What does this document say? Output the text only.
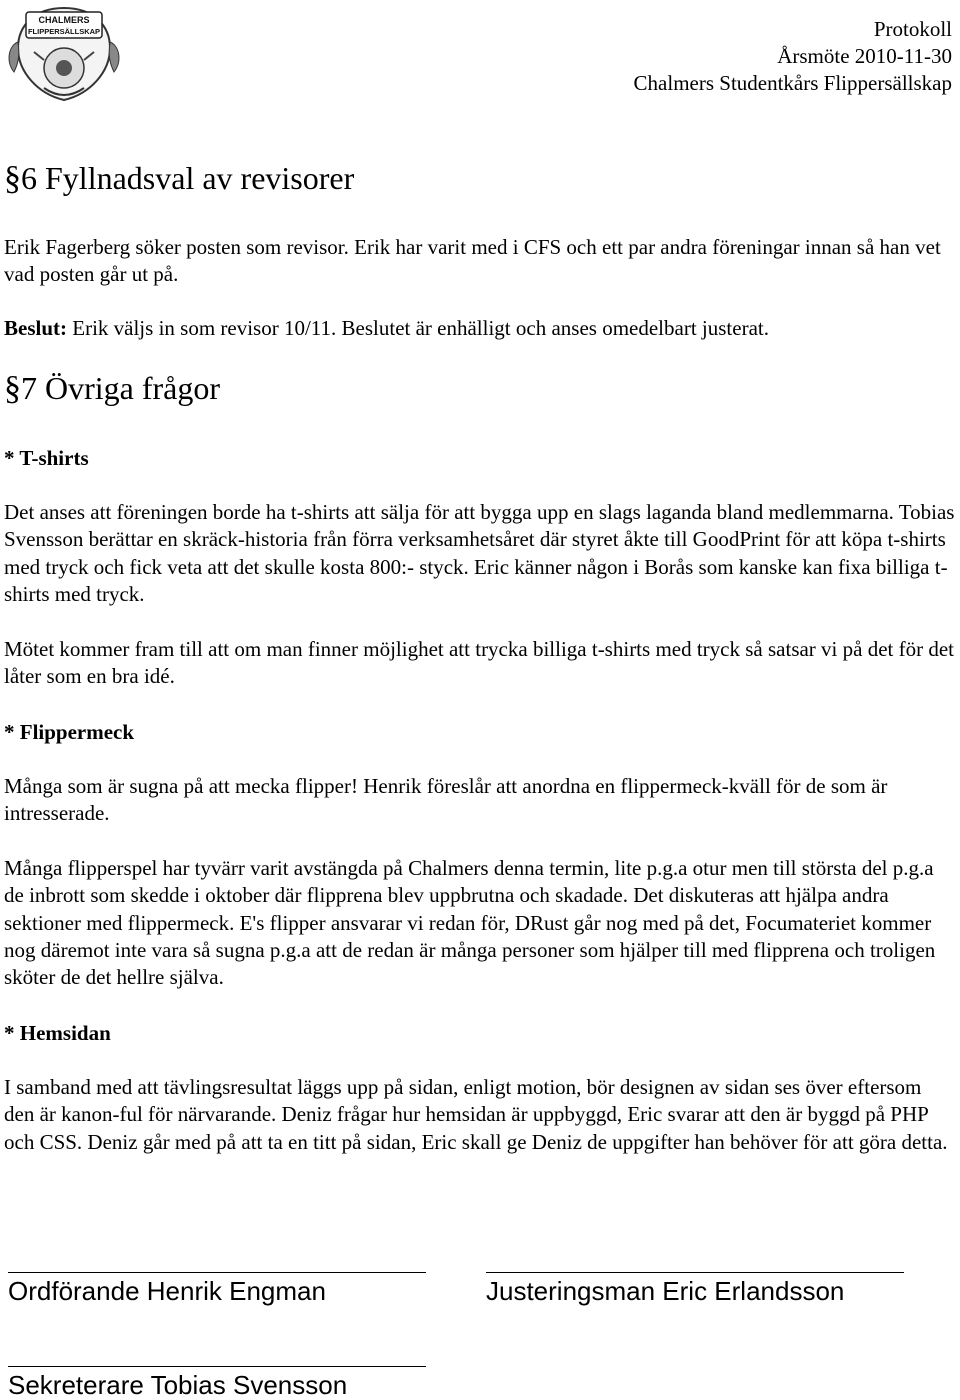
CHALMERS
FLIPPERSÄLLSKAP	Protokoll
Årsmöte 2010-11-30
Chalmers Studentkårs Flippersällskap
§6 Fyllnadsval av revisorer

Erik Fagerberg söker posten som revisor. Erik har varit med i CFS och ett par andra föreningar innan så han vet vad posten går ut på.

Beslut: Erik väljs in som revisor 10/11. Beslutet är enhälligt och anses omedelbart justerat.

§7 Övriga frågor
* T-shirts

Det anses att föreningen borde ha t-shirts att sälja för att bygga upp en slags laganda bland medlemmarna. Tobias Svensson berättar en skräck-historia från förra verksamhetsåret där styret åkte till GoodPrint för att köpa t-shirts med tryck och fick veta att det skulle kosta 800:- styck. Eric känner någon i Borås som kanske kan fixa billiga t-shirts med tryck.

Mötet kommer fram till att om man finner möjlighet att trycka billiga t-shirts med tryck så satsar vi på det för det låter som en bra idé.

* Flippermeck

Många som är sugna på att mecka flipper! Henrik föreslår att anordna en flippermeck-kväll för de som är intresserade.

Många flipperspel har tyvärr varit avstängda på Chalmers denna termin, lite p.g.a otur men till största del p.g.a de inbrott som skedde i oktober där flipprena blev uppbrutna och skadade. Det diskuteras att hjälpa andra sektioner med flippermeck. E's flipper ansvarar vi redan för, DRust går nog med på det, Focumateriet kommer nog däremot inte vara så sugna p.g.a att de redan är många personer som hjälper till med flipprena och troligen sköter de det hellre själva.

* Hemsidan

I samband med att tävlingsresultat läggs upp på sidan, enligt motion, bör designen av sidan ses över eftersom den är kanon-ful för närvarande. Deniz frågar hur hemsidan är uppbyggd, Eric svarar att den är byggd på PHP och CSS. Deniz går med på att ta en titt på sidan, Eric skall ge Deniz de uppgifter han behöver för att göra detta.

Ordförande Henrik Engman	Justeringsman Eric Erlandsson
Sekreterare Tobias Svensson
